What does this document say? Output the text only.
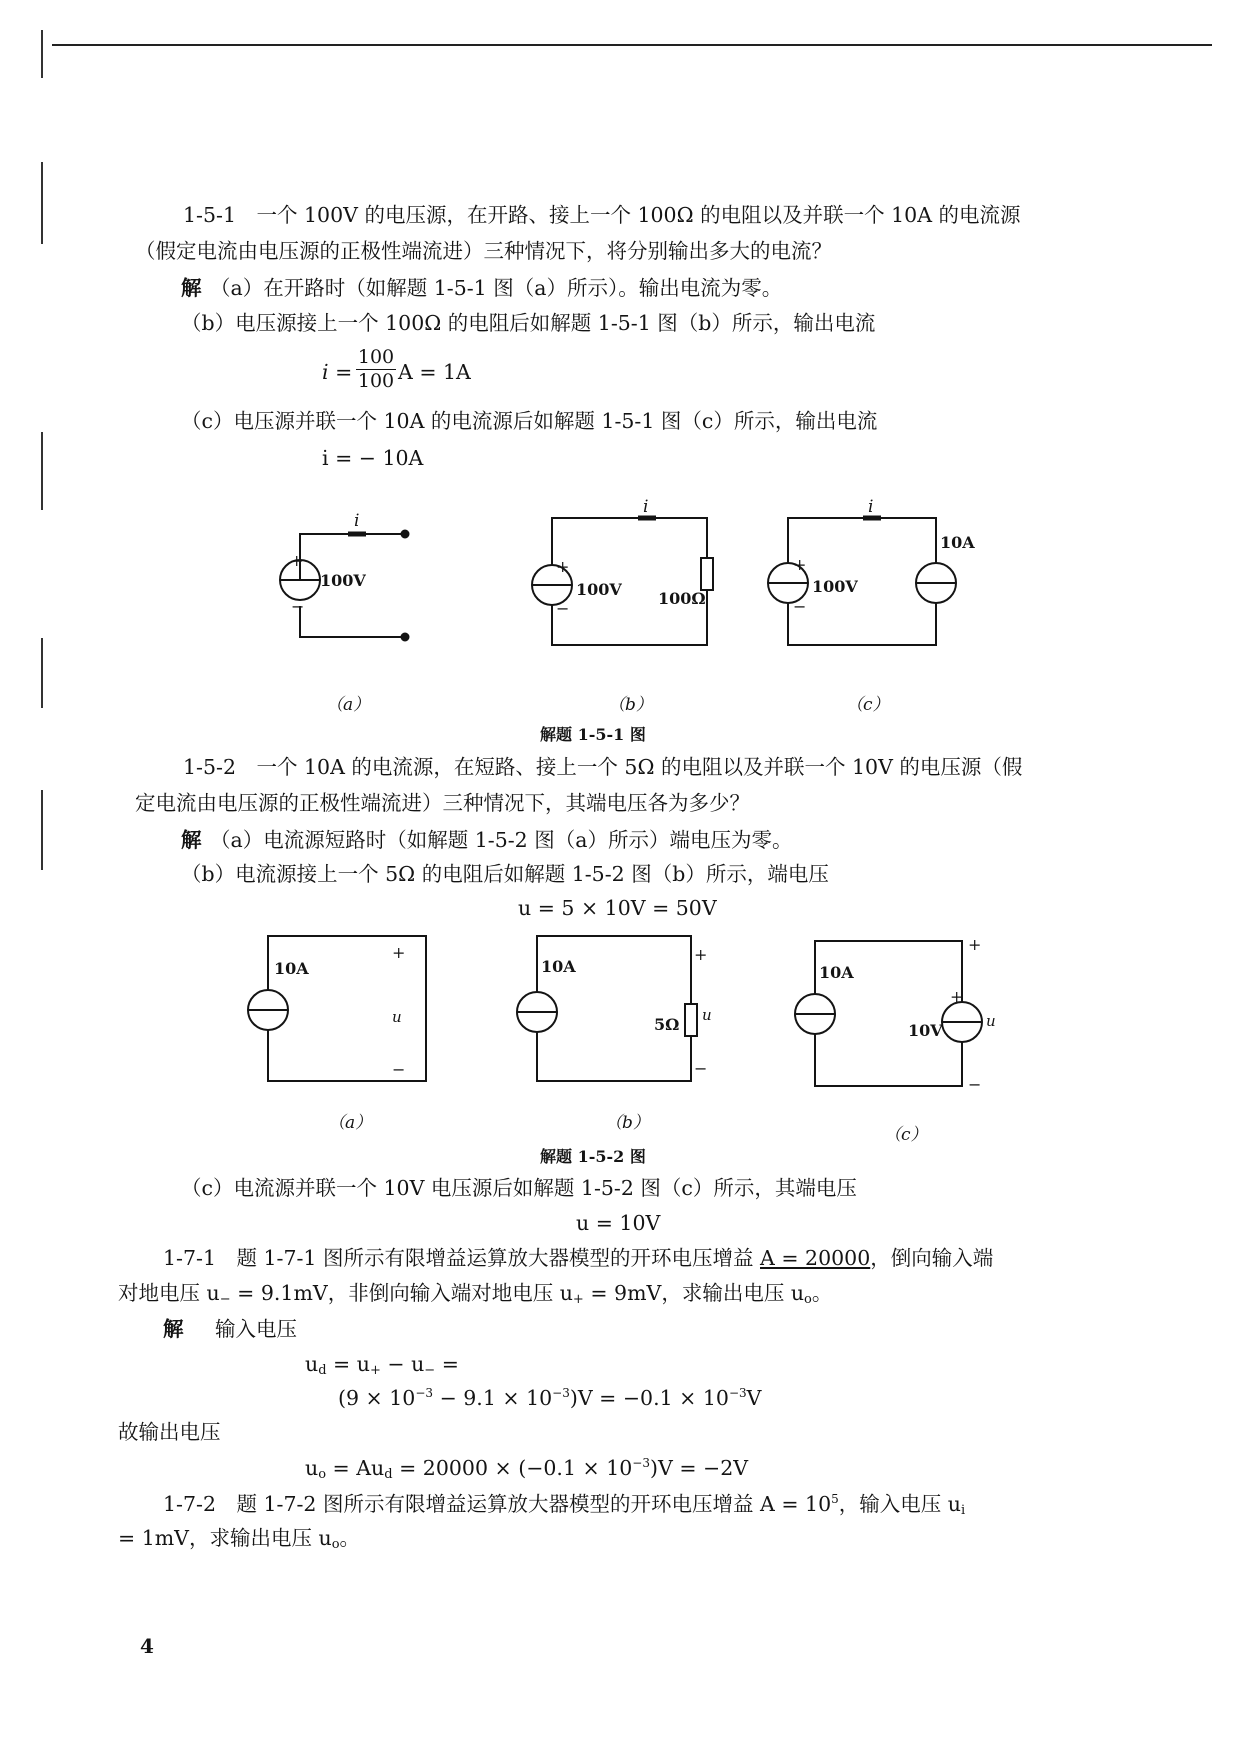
1-5-1　一个 100V 的电压源，在开路、接上一个 100Ω 的电阻以及并联一个 10A 的电流源
（假定电流由电压源的正极性端流进）三种情况下，将分别输出多大的电流？
解 （a）在开路时（如解题 1-5-1 图（a）所示）。输出电流为零。
（b）电压源接上一个 100Ω 的电阻后如解题 1-5-1 图（b）所示，输出电流
i =
100
100 A = 1A
（c）电压源并联一个 10A 的电流源后如解题 1-5-1 图（c）所示，输出电流
i = − 10A
i
+
−
100V
（a）
i
+
−
100V 100Ω
（b）
i
+
−
100V
10A
（c）
解题 1-5-1 图
1-5-2　一个 10A 的电流源，在短路、接上一个 5Ω 的电阻以及并联一个 10V 的电压源（假
定电流由电压源的正极性端流进）三种情况下，其端电压各为多少？
解 （a）电流源短路时（如解题 1-5-2 图（a）所示）端电压为零。
（b）电流源接上一个 5Ω 的电阻后如解题 1-5-2 图（b）所示，端电压
u = 5 × 10V = 50V
10A
+
u
−
（a）
10A
+
5Ω u
−
（b）
10A
10V
+
+
u
−
（c）
解题 1-5-2 图
（c）电流源并联一个 10V 电压源后如解题 1-5-2 图（c）所示，其端电压
u = 10V
1-7-1　题 1-7-1 图所示有限增益运算放大器模型的开环电压增益 A = 20000，倒向输入端
对地电压 $u_- = 9.1mV$，非倒向输入端对地电压 $u_+ = 9mV$，求输出电压 $u_o$。
解 输入电压
$u_d = u_+ - u_-$ =
$(9 \times 10^{-3} - 9.1 \times 10^{-3})V = -0.1 \times 10^{-3}V$
故输出电压
$u_o = Au_d = 20000 \times (-0.1 \times 10^{-3})V = -2V$
1-7-2　题 1-7-2 图所示有限增益运算放大器模型的开环电压增益 $A = 10^5$，输入电压 $u_i$
= 1mV，求输出电压 $u_o$。
4
